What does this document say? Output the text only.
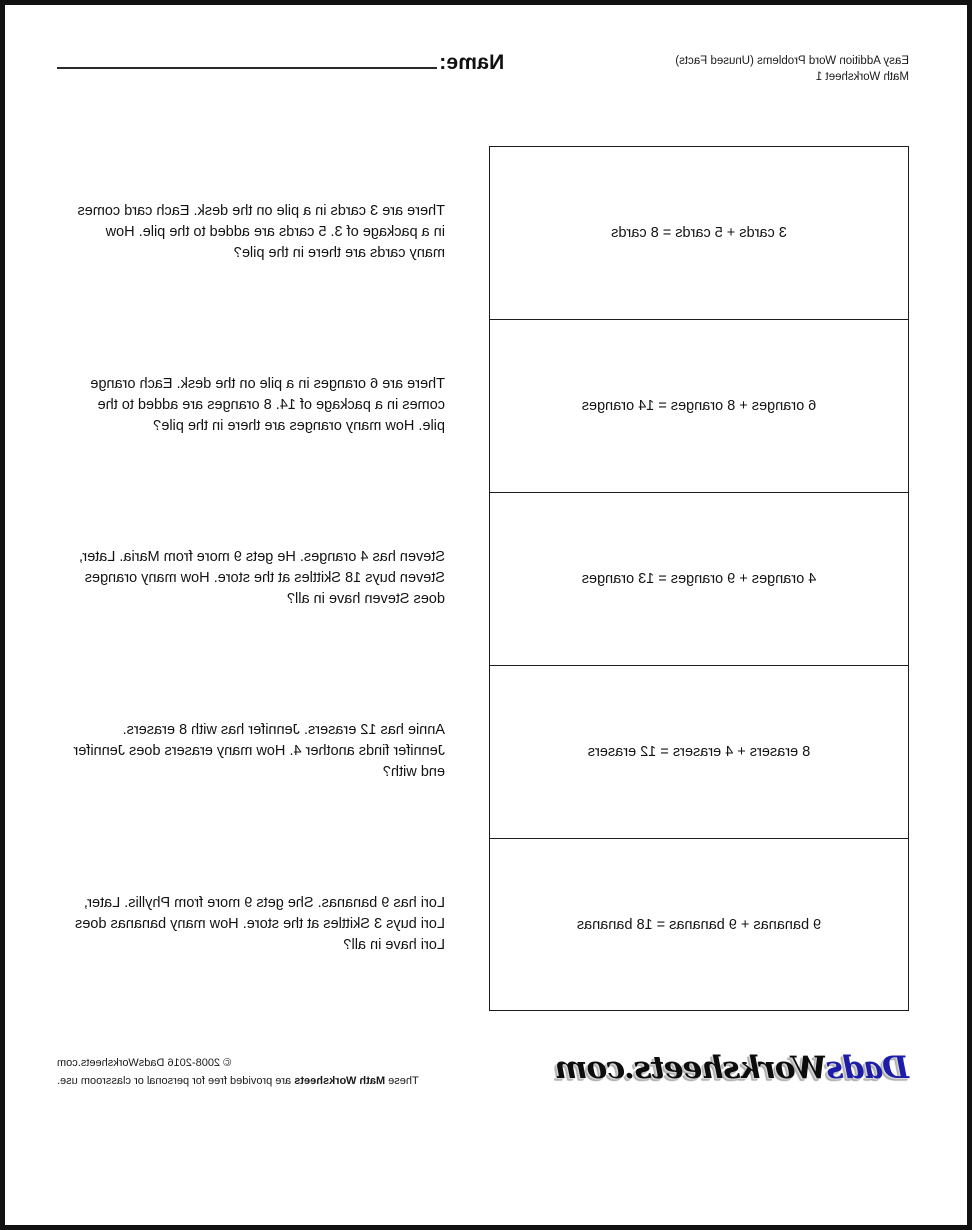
Easy Addition Word Problems (Unused Facts)
Math Worksheet 1
Name:
3 cards + 5 cards = 8 cards
There are 3 cards in a pile on the desk. Each card comes in a package of 3. 5 cards are added to the pile. How many cards are there in the pile?
6 oranges + 8 oranges = 14 oranges
There are 6 oranges in a pile on the desk. Each orange comes in a package of 14. 8 oranges are added to the pile. How many oranges are there in the pile?
4 oranges + 9 oranges = 13 oranges
Steven has 4 oranges. He gets 9 more from Maria. Later, Steven buys 18 Skittles at the store. How many oranges does Steven have in all?
8 erasers + 4 erasers = 12 erasers
Annie has 12 erasers. Jennifer has with 8 erasers. Jennifer finds another 4. How many erasers does Jennifer end with?
9 bananas + 9 bananas = 18 bananas
Lori has 9 bananas. She gets 9 more from Phyllis. Later, Lori buys 3 Skittles at the store. How many bananas does Lori have in all?
DadsWorksheets.com
© 2008-2016 DadsWorksheets.com
These Math Worksheets are provided free for personal or classroom use.
